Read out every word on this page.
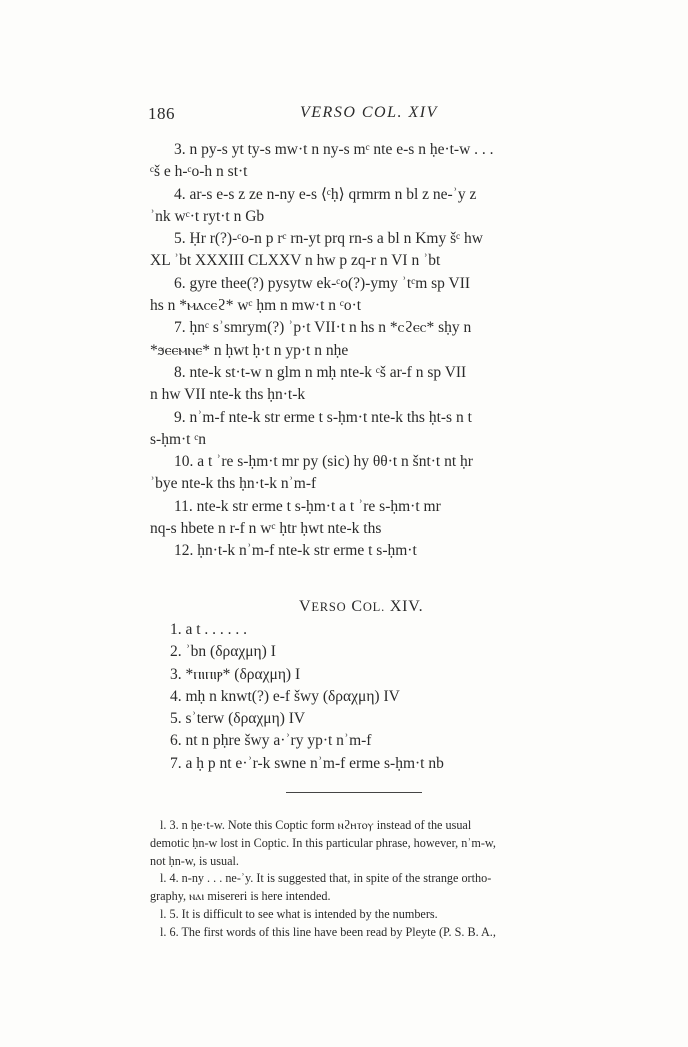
186	VERSO COL. XIV
3. n py-s yt ty-s mw·t n ny-s mᶜ nte e-s n ḥe·t-w . . .
ᶜš e h-ᶜo-h n st·t
4. ar-s e-s z ze n-ny e-s ⟨ᶜḥ⟩ qrmrm n bl z ne-ʾy z
ʾnk wᶜ·t ryt·t n Gb
5. Ḥr r(?)-ᶜo-n p rᶜ rn-yt prq rn-s a bl n Kmy šᶜ hw
XL ʾbt XXXIII CLXXV n hw p zq-r n VI n ʾbt
6. gyre thee(?) pysytw ek-ᶜo(?)-ymy ʾtᶜm sp VII
hs n *ⲙⲁⲥⲉϩ* wᶜ ḥm n mw·t n ᶜo·t
7. ḥnᶜ sʾsmrym(?) ʾp·t VII·t n hs n *ⲥϩⲉⲥ* sḥy n
*ϧⲉⲉⲙⲛⲉ* n ḥwt ḥ·t n yp·t n nḥe
8. nte-k st·t-w n glm n mḥ nte-k ᶜš ar-f n sp VII
n hw VII nte-k ths ḥn·t-k
9. nʾm-f nte-k str erme t s-ḥm·t nte-k ths ḥt-s n t
s-ḥm·t ᶜn
10. a t ʾre s-ḥm·t mr py (sic) hy θθ·t n šnt·t nt ḥr
ʾbye nte-k ths ḥn·t-k nʾm-f
11. nte-k str erme t s-ḥm·t a t ʾre s-ḥm·t mr
nq-s hbete n r-f n wᶜ ḥtr ḥwt nte-k ths
12. ḥn·t-k nʾm-f nte-k str erme t s-ḥm·t
VERSO COL. XIV.
1. a t . . . . . .
2. ʾbn (δραχμη) I
3. *ⲡⲓⲡⲓⲣ* (δραχμη) I
4. mḥ n knwt(?) e-f šwy (δραχμη) IV
5. sʾterw (δραχμη) IV
6. nt n pḥre šwy a·ʾry yp·t nʾm-f
7. a ḥ p nt e·ʾr-k swne nʾm-f erme s-ḥm·t nb
l. 3. n ḥe·t-w. Note this Coptic form ⲛϩⲏⲧⲟⲩ instead of the usual
demotic ḥn-w lost in Coptic. In this particular phrase, however, nʾm-w,
not ḥn-w, is usual.
l. 4. n-ny . . . ne-ʾy. It is suggested that, in spite of the strange ortho-
graphy, ⲛⲁⲓ misereri is here intended.
l. 5. It is difficult to see what is intended by the numbers.
l. 6. The first words of this line have been read by Pleyte (P. S. B. A.,
